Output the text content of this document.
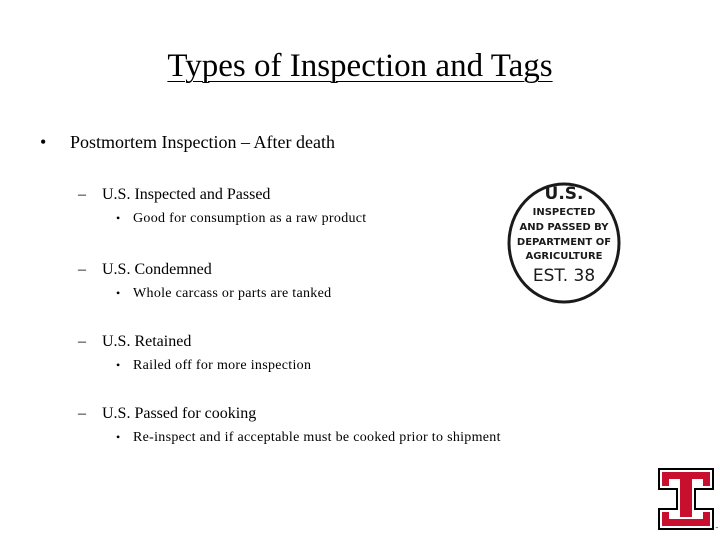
Types of Inspection and Tags
• Postmortem Inspection – After death
– U.S. Inspected and Passed
• Good for consumption as a raw product
– U.S. Condemned
• Whole carcass or parts are tanked
– U.S. Retained
• Railed off for more inspection
– U.S. Passed for cooking
• Re-inspect and if acceptable must be cooked prior to shipment
U.S.
INSPECTED
AND PASSED BY
DEPARTMENT OF
AGRICULTURE
EST. 38
™
